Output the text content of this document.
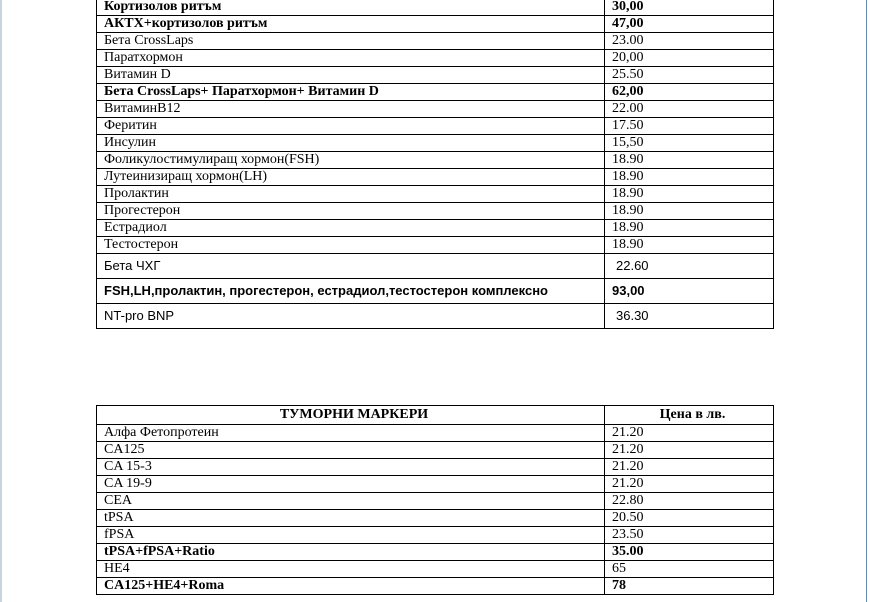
Кортизолов ритъм	30,00
АКТХ+кортизолов ритъм	47,00
Бета CrossLaps	23.00
Паратхормон	20,00
Витамин D	25.50
Бета CrossLaps+ Паратхормон+ Витамин D	62,00
ВитаминB12	22.00
Феритин	17.50
Инсулин	15,50
Фоликулостимулиращ хормон(FSH)	18.90
Лутеинизиращ хормон(LH)	18.90
Пролактин	18.90
Прогестерон	18.90
Естрадиол	18.90
Тестостерон	18.90
Бета ЧХГ	22.60
FSH,LH,пролактин, прогестерон, естрадиол,тестостерон комплексно	93,00
NT-pro BNP	36.30
ТУМОРНИ МАРКЕРИ	Цена в лв.
Алфа Фетопротеин	21.20
CA125	21.20
CA 15-3	21.20
CA 19-9	21.20
CEA	22.80
tPSA	20.50
fPSA	23.50
tPSA+fPSA+Ratio	35.00
HE4	65
CA125+HE4+Roma	78
